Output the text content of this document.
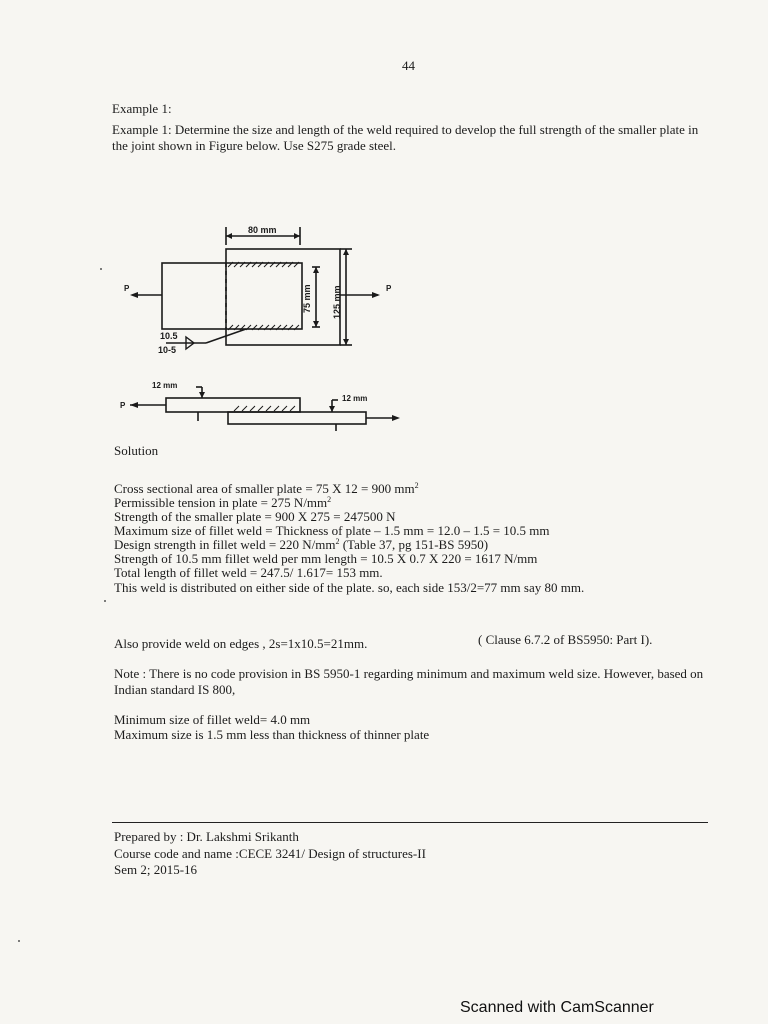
44
Example 1:
Example 1: Determine the size and length of the weld required to develop the full strength of the smaller plate in the joint shown in Figure below. Use S275 grade steel.
80 mm
75 mm 125 mm
P	P
10.5
10-5
12 mm
12 mm
P
Solution
Cross sectional area of smaller plate = 75 X 12 = 900 $mm^2$
Permissible tension in plate = 275 $N/mm^2$
Strength of the smaller plate = 900 X 275 = 247500 N
Maximum size of fillet weld = Thickness of plate – 1.5 mm = 12.0 – 1.5 = 10.5 mm
Design strength in fillet weld = 220 $N/mm^2$ (Table 37, pg 151-BS 5950)
Strength of 10.5 mm fillet weld per mm length = 10.5 X 0.7 X 220 = 1617 N/mm
Total length of fillet weld = 247.5/ 1.617= 153 mm.
This weld is distributed on either side of the plate. so, each side 153/2=77 mm say 80 mm.
Also provide weld on edges , 2s=1x10.5=21mm.	( Clause 6.7.2 of BS5950: Part I).
Note : There is no code provision in BS 5950-1 regarding minimum and maximum weld size. However, based on Indian standard IS 800,
Minimum size of fillet weld= 4.0 mm
Maximum size is 1.5 mm less than thickness of thinner plate
Prepared by : Dr. Lakshmi Srikanth
Course code and name :CECE 3241/ Design of structures-II
Sem 2; 2015-16
Scanned with CamScanner
